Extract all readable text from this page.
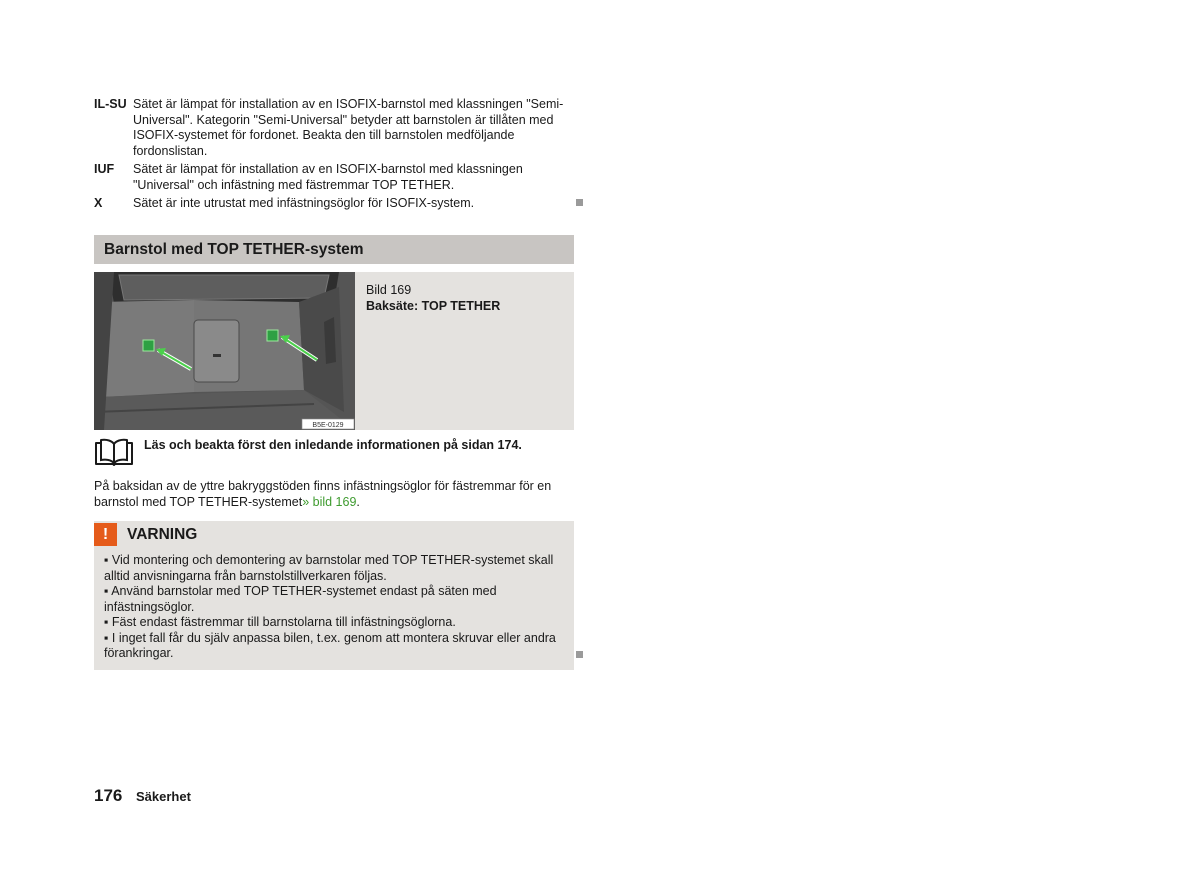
IL-SU Sätet är lämpat för installation av en ISOFIX-barnstol med klassningen "Semi-Universal". Kategorin "Semi-Universal" betyder att barnstolen är tillåten med ISOFIX-systemet för fordonet. Beakta den till barnstolen medföljande fordonslistan.
IUF	Sätet är lämpat för installation av en ISOFIX-barnstol med klassningen "Universal" och infästning med fästremmar TOP TETHER.
X	Sätet är inte utrustat med infästningsöglor för ISOFIX-system.
Barnstol med TOP TETHER-system
B5E-0129
Bild 169
Baksäte: TOP TETHER
Läs och beakta först den inledande informationen på sidan 174.
På baksidan av de yttre bakryggstöden finns infästningsöglor för fästremmar för en barnstol med TOP TETHER-systemet» bild 169.
!	VARNING
▪ Vid montering och demontering av barnstolar med TOP TETHER-systemet skall alltid anvisningarna från barnstolstillverkaren följas.
▪ Använd barnstolar med TOP TETHER-systemet endast på säten med infästningsöglor.
▪ Fäst endast fästremmar till barnstolarna till infästningsöglorna.
▪ I inget fall får du själv anpassa bilen, t.ex. genom att montera skruvar eller andra förankringar.
176 Säkerhet
